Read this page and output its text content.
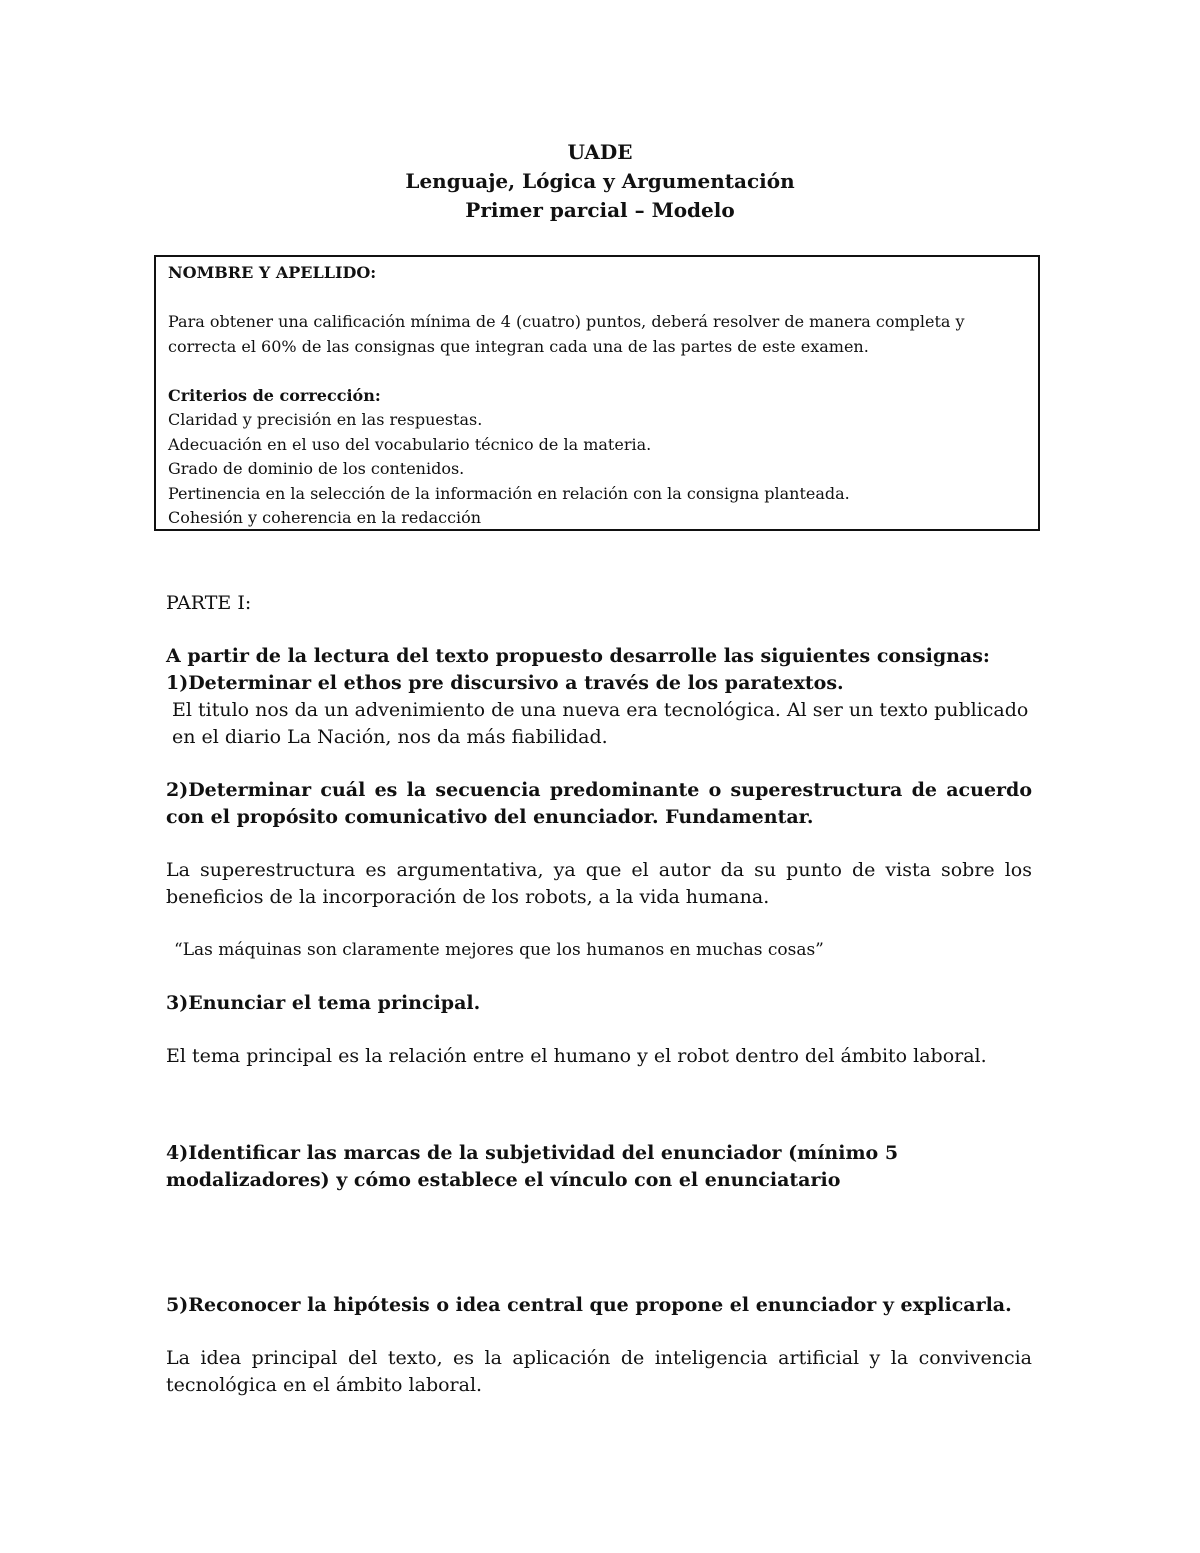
UADE
Lenguaje, Lógica y Argumentación
Primer parcial – Modelo
NOMBRE Y APELLIDO:
Para obtener una calificación mínima de 4 (cuatro) puntos, deberá resolver de manera completa y
correcta el 60% de las consignas que integran cada una de las partes de este examen.
Criterios de corrección:
Claridad y precisión en las respuestas.
Adecuación en el uso del vocabulario técnico de la materia.
Grado de dominio de los contenidos.
Pertinencia en la selección de la información en relación con la consigna planteada.
Cohesión y coherencia en la redacción
PARTE I:
A partir de la lectura del texto propuesto desarrolle las siguientes consignas:
1)Determinar el ethos pre discursivo a través de los paratextos.
El titulo nos da un advenimiento de una nueva era tecnológica. Al ser un texto publicado en el diario La Nación, nos da más fiabilidad.
2)Determinar cuál es la secuencia predominante o superestructura de acuerdo con el propósito comunicativo del enunciador. Fundamentar.
La superestructura es argumentativa, ya que el autor da su punto de vista sobre los beneficios de la incorporación de los robots, a la vida humana.
“Las máquinas son claramente mejores que los humanos en muchas cosas”
3)Enunciar el tema principal.
El tema principal es la relación entre el humano y el robot dentro del ámbito laboral.
4)Identificar las marcas de la subjetividad del enunciador (mínimo 5 modalizadores) y cómo establece el vínculo con el enunciatario
5)Reconocer la hipótesis o idea central que propone el enunciador y explicarla.
La idea principal del texto, es la aplicación de inteligencia artificial y la convivencia tecnológica en el ámbito laboral.
